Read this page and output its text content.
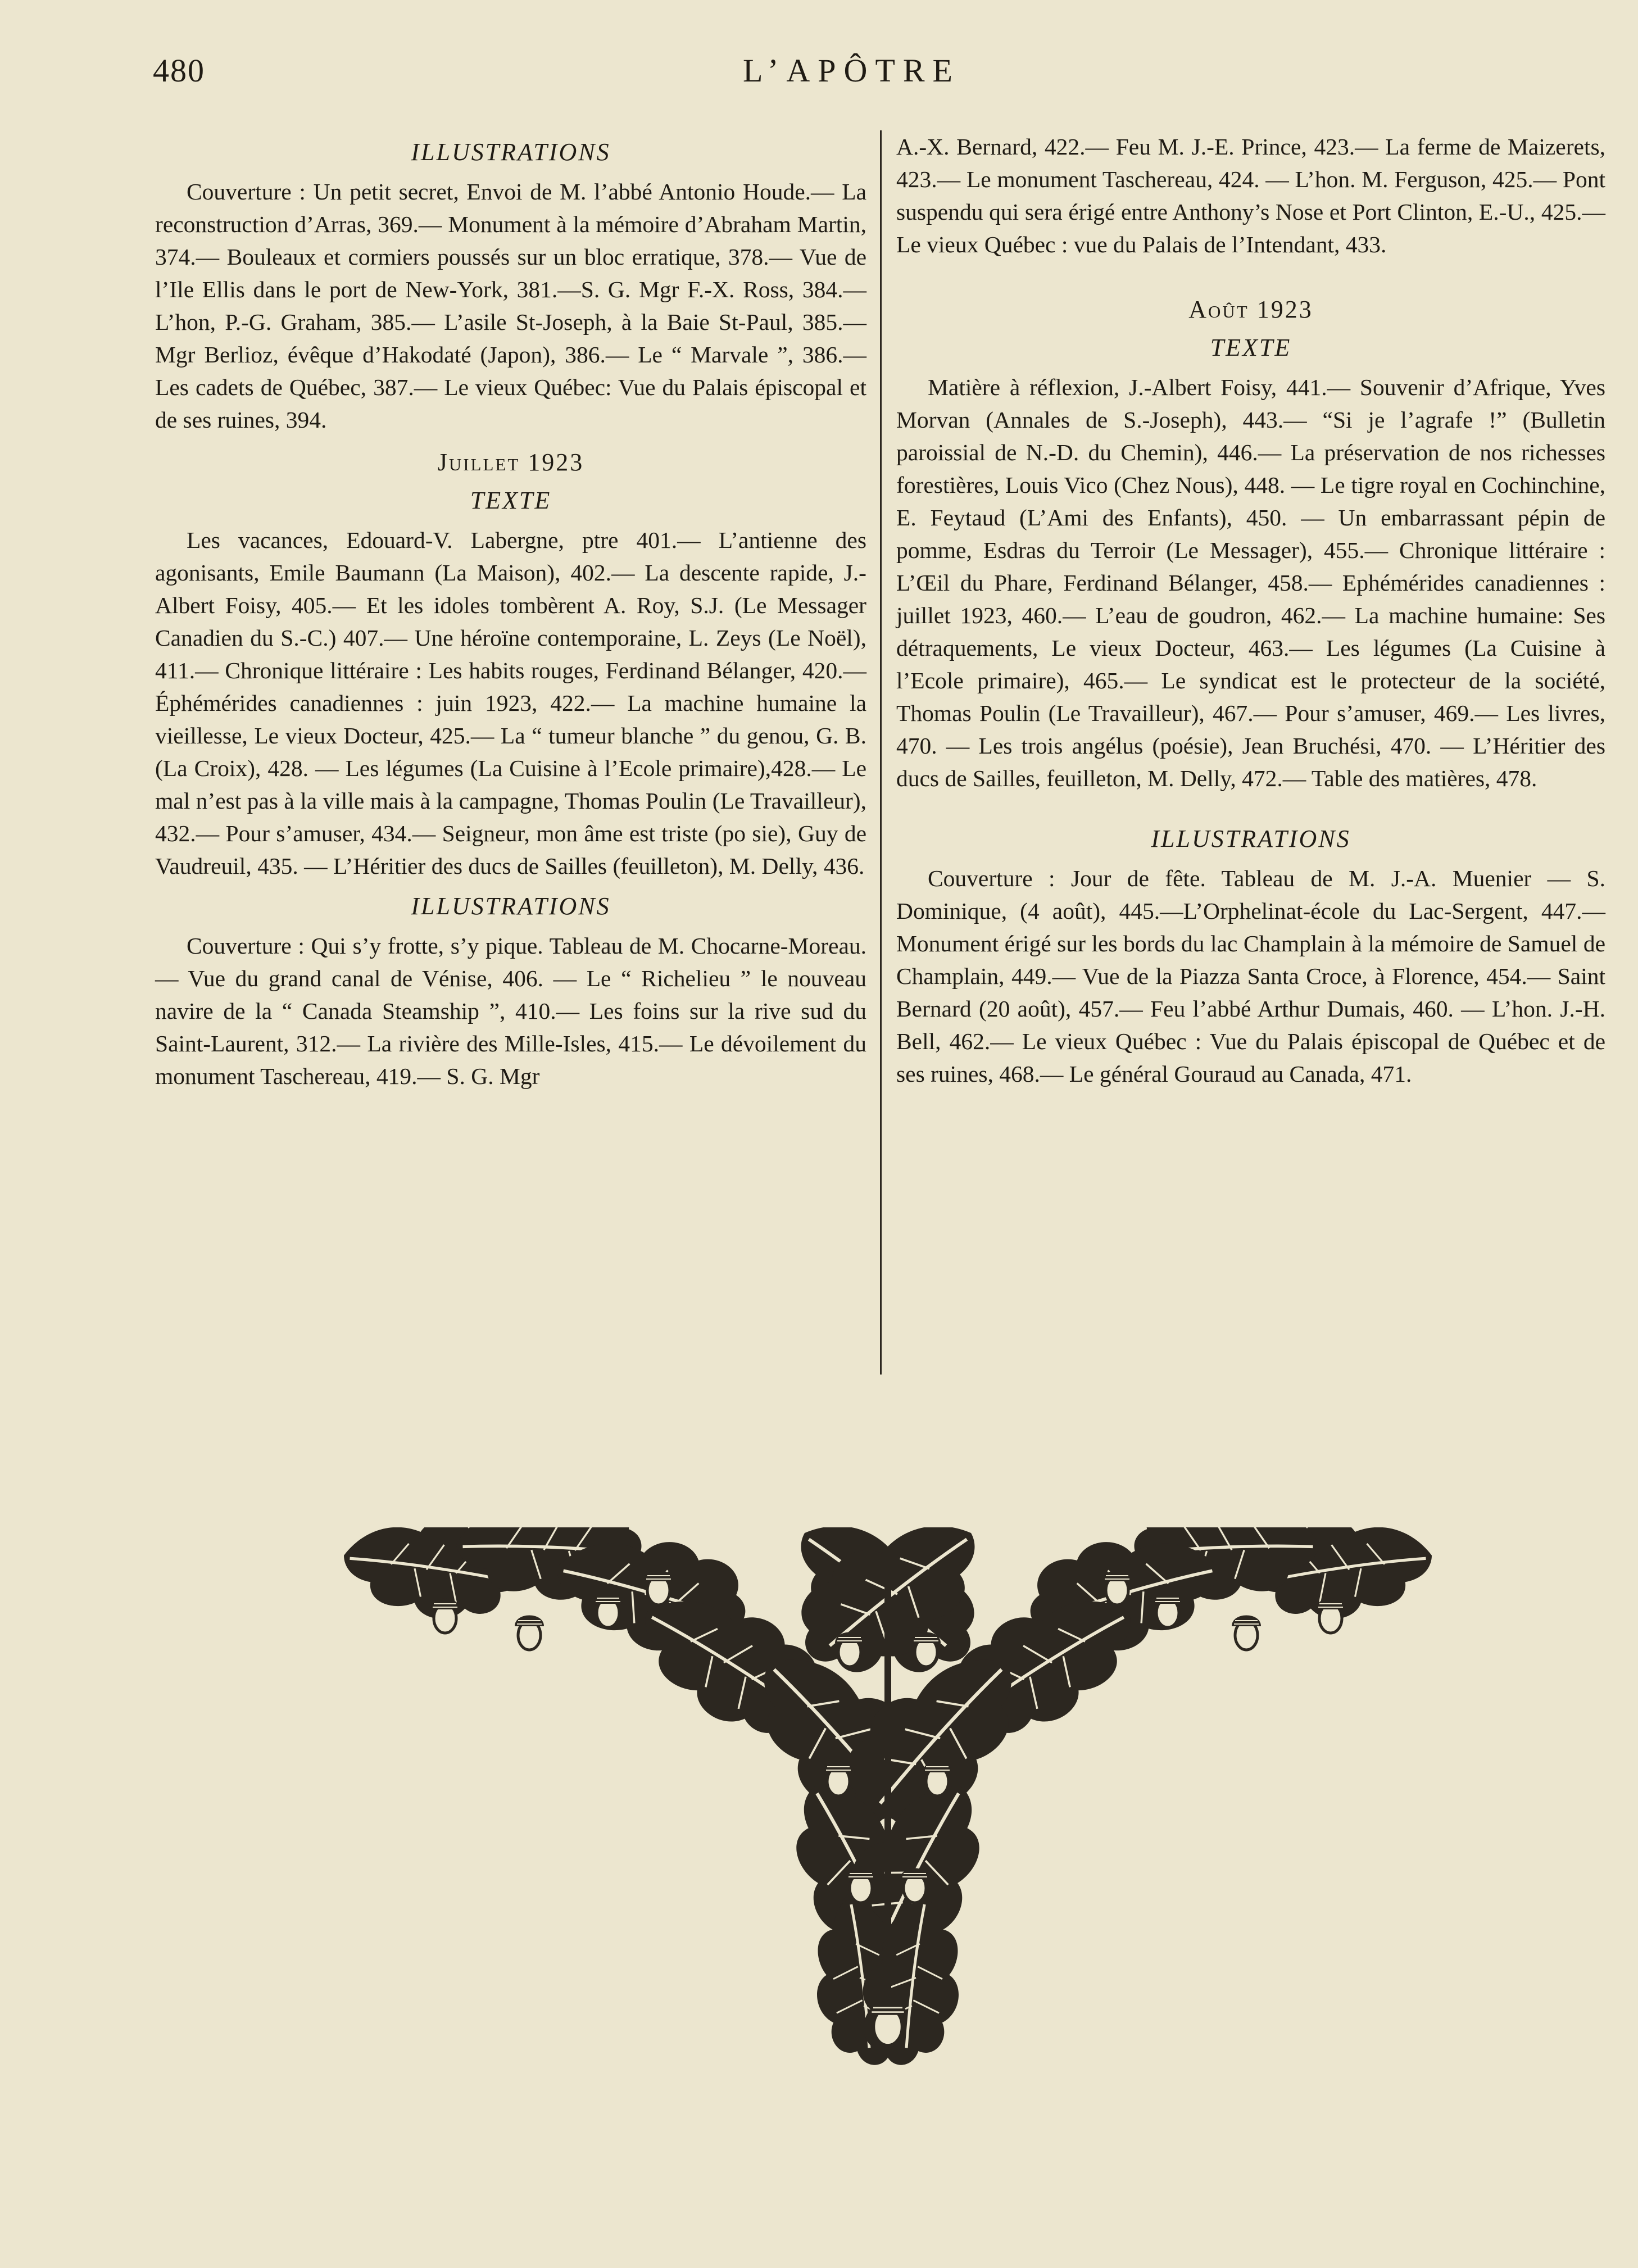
480	L’APÔTRE
ILLUSTRATIONS

Couverture : Un petit secret, Envoi de M. l’abbé Antonio Houde.— La reconstruction d’Arras, 369.— Monument à la mémoire d’Abraham Martin, 374.— Bouleaux et cormiers poussés sur un bloc erratique, 378.— Vue de l’Ile Ellis dans le port de New-York, 381.—S. G. Mgr F.-X. Ross, 384.— L’hon, P.-G. Graham, 385.— L’asile St-Joseph, à la Baie St-Paul, 385.— Mgr Berlioz, évêque d’Hakodaté (Japon), 386.— Le “ Marvale ”, 386.— Les cadets de Québec, 387.— Le vieux Québec: Vue du Palais épiscopal et de ses ruines, 394.

Juillet 1923
TEXTE

Les vacances, Edouard-V. Labergne, ptre 401.— L’antienne des agonisants, Emile Baumann (La Maison), 402.— La descente rapide, J.-Albert Foisy, 405.— Et les idoles tombèrent A. Roy, S.J. (Le Messager Canadien du S.-C.) 407.— Une héroïne contemporaine, L. Zeys (Le Noël), 411.— Chronique littéraire : Les habits rouges, Ferdinand Bélanger, 420.— Éphémérides canadiennes : juin 1923, 422.— La machine humaine la vieillesse, Le vieux Docteur, 425.— La “ tumeur blanche ” du genou, G. B. (La Croix), 428. — Les légumes (La Cuisine à l’Ecole primaire),428.— Le mal n’est pas à la ville mais à la campagne, Thomas Poulin (Le Travailleur), 432.— Pour s’amuser, 434.— Seigneur, mon âme est triste (po sie), Guy de Vaudreuil, 435. — L’Héritier des ducs de Sailles (feuilleton), M. Delly, 436.

ILLUSTRATIONS

Couverture : Qui s’y frotte, s’y pique. Tableau de M. Chocarne-Moreau.— Vue du grand canal de Vénise, 406. — Le “ Richelieu ” le nouveau navire de la “ Canada Steamship ”, 410.— Les foins sur la rive sud du Saint-Laurent, 312.— La rivière des Mille-Isles, 415.— Le dévoilement du monument Taschereau, 419.— S. G. Mgr

A.-X. Bernard, 422.— Feu M. J.-E. Prince, 423.— La ferme de Maizerets, 423.— Le monument Taschereau, 424. — L’hon. M. Ferguson, 425.— Pont suspendu qui sera érigé entre Anthony’s Nose et Port Clinton, E.-U., 425.— Le vieux Québec : vue du Palais de l’Intendant, 433.

Août 1923
TEXTE

Matière à réflexion, J.-Albert Foisy, 441.— Souvenir d’Afrique, Yves Morvan (Annales de S.-Joseph), 443.— “Si je l’agrafe !” (Bulletin paroissial de N.-D. du Chemin), 446.— La préservation de nos richesses forestières, Louis Vico (Chez Nous), 448. — Le tigre royal en Cochinchine, E. Feytaud (L’Ami des Enfants), 450. — Un embarrassant pépin de pomme, Esdras du Terroir (Le Messager), 455.— Chronique littéraire : L’Œil du Phare, Ferdinand Bélanger, 458.— Ephémérides canadiennes : juillet 1923, 460.— L’eau de goudron, 462.— La machine humaine: Ses détraquements, Le vieux Docteur, 463.— Les légumes (La Cuisine à l’Ecole primaire), 465.— Le syndicat est le protecteur de la société, Thomas Poulin (Le Travailleur), 467.— Pour s’amuser, 469.— Les livres, 470. — Les trois angélus (poésie), Jean Bruchési, 470. — L’Héritier des ducs de Sailles, feuilleton, M. Delly, 472.— Table des matières, 478.

ILLUSTRATIONS

Couverture : Jour de fête. Tableau de M. J.-A. Muenier — S. Dominique, (4 août), 445.—L’Orphelinat-école du Lac-Sergent, 447.— Monument érigé sur les bords du lac Champlain à la mémoire de Samuel de Champlain, 449.— Vue de la Piazza Santa Croce, à Florence, 454.— Saint Bernard (20 août), 457.— Feu l’abbé Arthur Dumais, 460. — L’hon. J.-H. Bell, 462.— Le vieux Québec : Vue du Palais épiscopal de Québec et de ses ruines, 468.— Le général Gouraud au Canada, 471.
